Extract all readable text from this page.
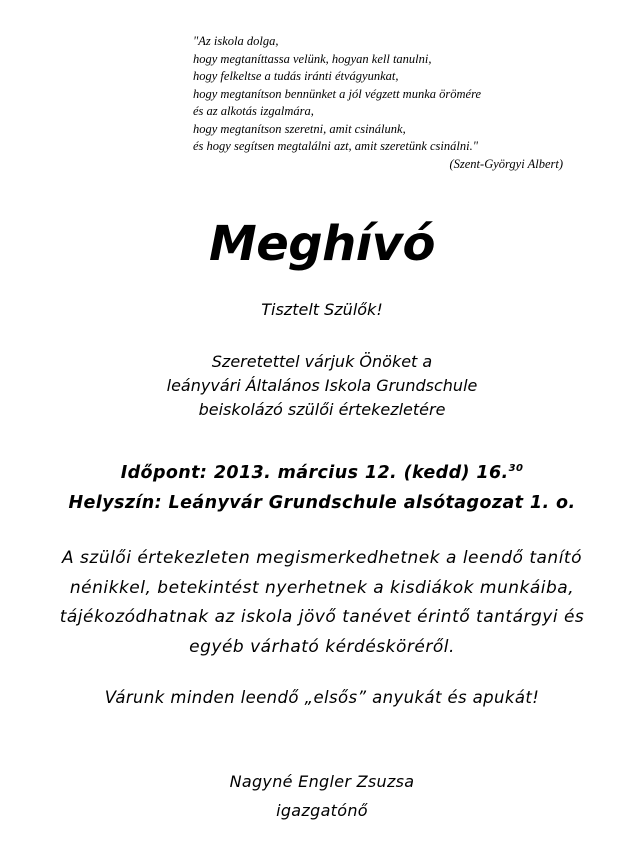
"Az iskola dolga,
hogy megtaníttassa velünk, hogyan kell tanulni,
hogy felkeltse a tudás iránti étvágyunkat,
hogy megtanítson bennünket a jól végzett munka örömére
és az alkotás izgalmára,
hogy megtanítson szeretni, amit csinálunk,
és hogy segítsen megtalálni azt, amit szeretünk csinálni."
(Szent-Györgyi Albert)
Meghívó
Tisztelt Szülők!
Szeretettel várjuk Önöket a
leányvári Általános Iskola Grundschule
beiskolázó szülői értekezletére
Időpont: 2013. március 12. (kedd) 16.30
Helyszín: Leányvár Grundschule alsótagozat 1. o.
A szülői értekezleten megismerkedhetnek a leendő tanító
nénikkel, betekintést nyerhetnek a kisdiákok munkáiba,
tájékozódhatnak az iskola jövő tanévet érintő tantárgyi és
egyéb várható kérdésköréről.
Várunk minden leendő „elsős” anyukát és apukát!
Nagyné Engler Zsuzsa
igazgatónő
